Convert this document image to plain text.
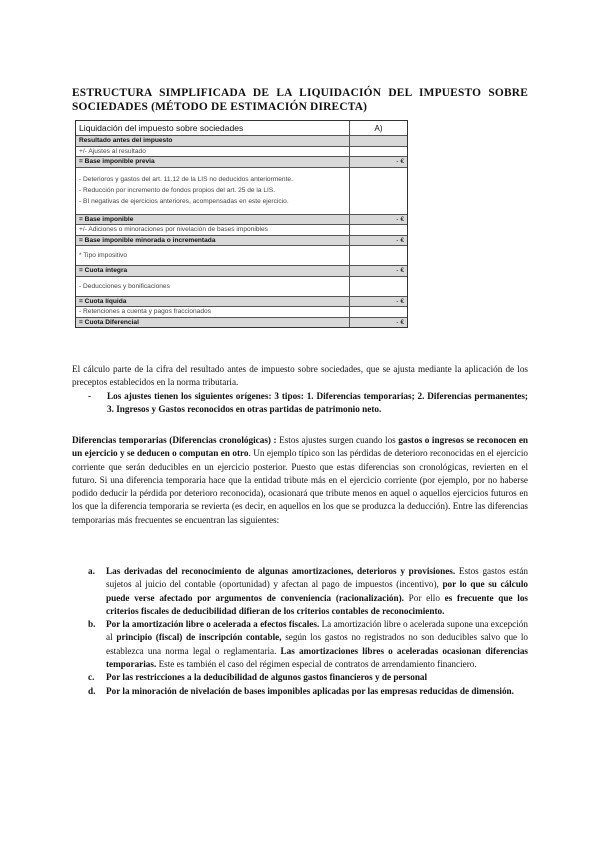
ESTRUCTURA SIMPLIFICADA DE LA LIQUIDACIÓN DEL IMPUESTO SOBRE
SOCIEDADES (MÉTODO DE ESTIMACIÓN DIRECTA)
Liquidación del impuesto sobre sociedades	A)
Resultado antes del impuesto
+/- Ajustes al resultado
= Base imponible previa	- €
- Deterioros y gastos del art. 11.12 de la LIS no deducidos anteriormente.
- Reducción por incremento de fondos propios del art. 25 de la LIS.
- BI negativas de ejercicios anteriores, acompensadas en este ejercicio.
= Base imponible	- €
+/- Adiciones o minoraciones por nivelación de bases imponibles
= Base imponible minorada o incrementada	- €
* Tipo impositivo
= Cuota íntegra	- €
- Deducciones y bonificaciones
= Cuota líquida	- €
- Retenciones a cuenta y pagos fraccionados
= Cuota Diferencial	- €
El cálculo parte de la cifra del resultado antes de impuesto sobre sociedades, que se ajusta mediante la aplicación de los preceptos establecidos en la norma tributaria.
- Los ajustes tienen los siguientes orígenes: 3 tipos: 1. Diferencias temporarias; 2. Diferencias permanentes; 3. Ingresos y Gastos reconocidos en otras partidas de patrimonio neto.
Diferencias temporarias (Diferencias cronológicas) : Estos ajustes surgen cuando los gastos o ingresos se reconocen en un ejercicio y se deducen o computan en otro. Un ejemplo típico son las pérdidas de deterioro reconocidas en el ejercicio corriente que serán deducibles en un ejercicio posterior. Puesto que estas diferencias son cronológicas, revierten en el futuro. Si una diferencia temporaria hace que la entidad tribute más en el ejercicio corriente (por ejemplo, por no haberse podido deducir la pérdida por deterioro reconocida), ocasionará que tribute menos en aquel o aquellos ejercicios futuros en los que la diferencia temporaria se revierta (es decir, en aquellos en los que se produzca la deducción). Entre las diferencias temporarias más frecuentes se encuentran las siguientes:
a. Las derivadas del reconocimiento de algunas amortizaciones, deterioros y provisiones. Estos gastos están sujetos al juicio del contable (oportunidad) y afectan al pago de impuestos (incentivo), por lo que su cálculo puede verse afectado por argumentos de conveniencia (racionalización). Por ello es frecuente que los criterios fiscales de deducibilidad difieran de los criterios contables de reconocimiento.
b. Por la amortización libre o acelerada a efectos fiscales. La amortización libre o acelerada supone una excepción al principio (fiscal) de inscripción contable, según los gastos no registrados no son deducibles salvo que lo establezca una norma legal o reglamentaria. Las amortizaciones libres o aceleradas ocasionan diferencias temporarias. Este es también el caso del régimen especial de contratos de arrendamiento financiero.
c. Por las restricciones a la deducibilidad de algunos gastos financieros y de personal
d. Por la minoración de nivelación de bases imponibles aplicadas por las empresas reducidas de dimensión.
